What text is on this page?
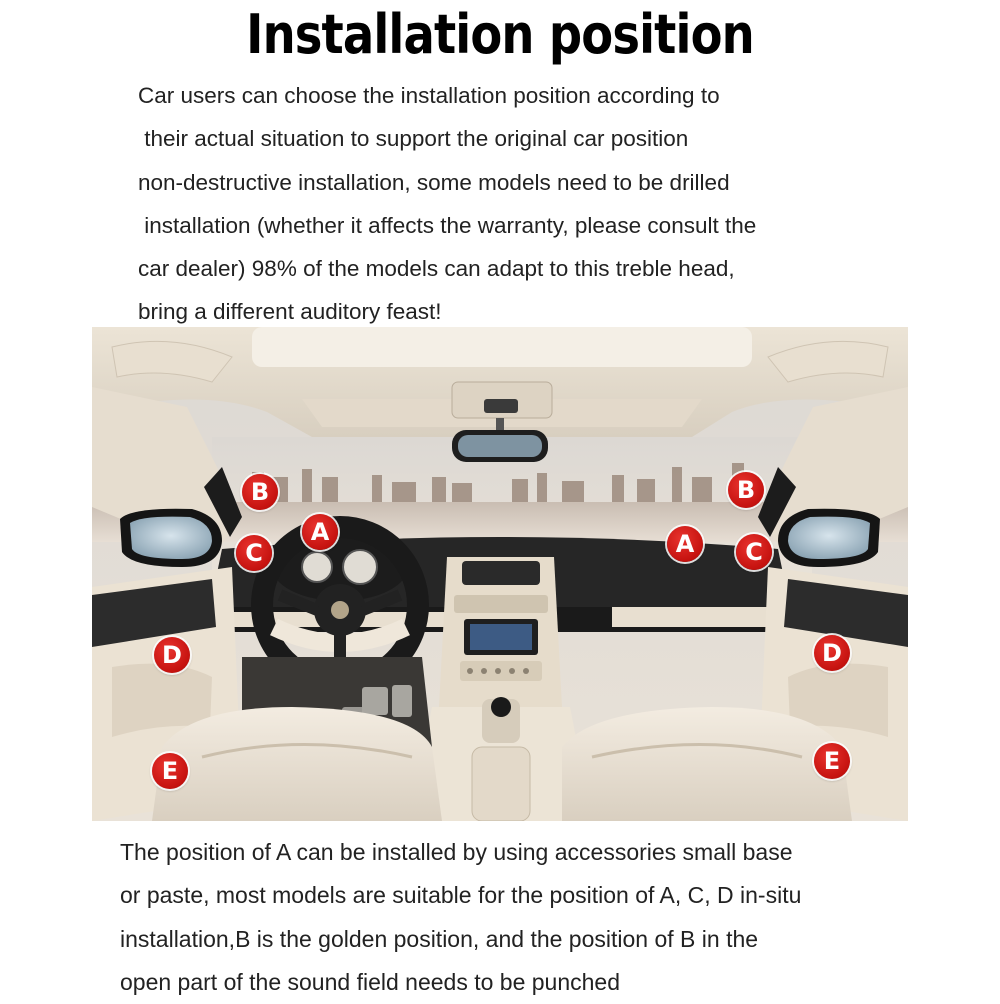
Installation position
Car users can choose the installation position according to
their actual situation to support the original car position
non-destructive installation, some models need to be drilled
installation (whether it affects the warranty, please consult the
car dealer) 98% of the models can adapt to this treble head,
bring a different auditory feast!
B
A
C
D
E
B
A	C
D
E
The position of A can be installed by using accessories small base
or paste, most models are suitable for the position of A, C, D in-situ
installation,B is the golden position, and the position of B in the
open part of the sound field needs to be punched
